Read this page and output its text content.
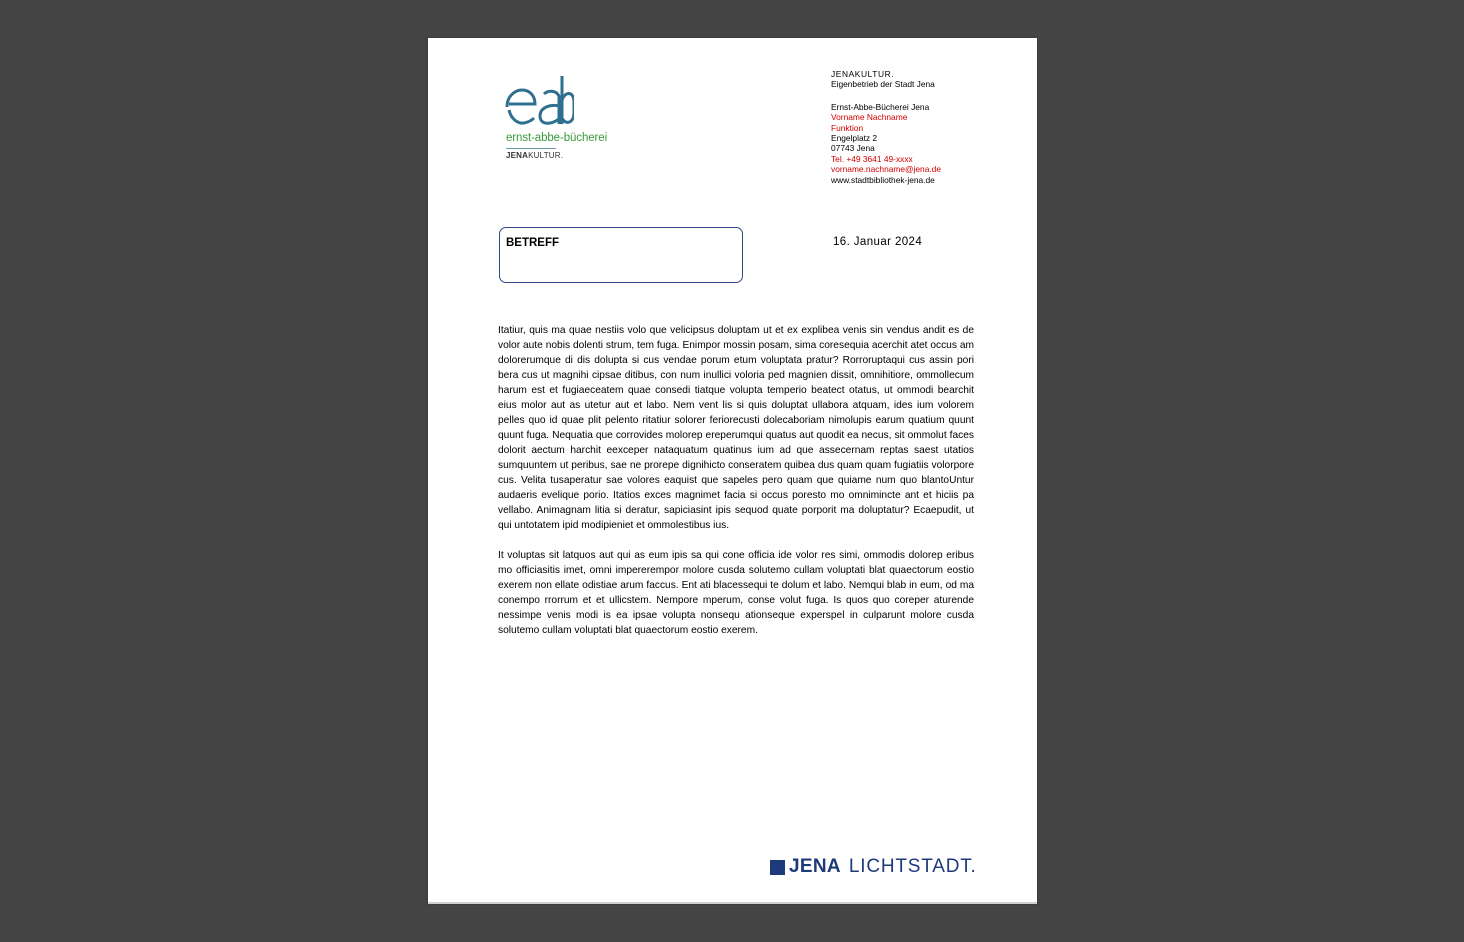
ernst-abbe-bücherei
JENAKULTUR.
JENAKULTUR.
Eigenbetrieb der Stadt Jena
Ernst-Abbe-Bücherei Jena
Vorname Nachname
Funktion
Engelplatz 2
07743 Jena
Tel. +49 3641 49-xxxx
vorname.nachname@jena.de
www.stadtbibliothek-jena.de
BETREFF	16. Januar 2024

Itatiur, quis ma quae nestiis volo que velicipsus doluptam ut et ex explibea venis sin vendus andit es de volor aute nobis dolenti strum, tem fuga. Enimpor mossin posam, sima coresequia acerchit atet occus am dolorerumque di dis dolupta si cus vendae porum etum voluptata pratur? Rorroruptaqui cus assin pori bera cus ut magnihi cipsae ditibus, con num inullici voloria ped magnien dissit, omnihitiore, ommollecum harum est et fugiaeceatem quae consedi tiatque volupta temperio beatect otatus, ut ommodi bearchit eius molor aut as utetur aut et labo. Nem vent lis si quis doluptat ullabora atquam, ides ium volorem pelles quo id quae plit pelento ritatiur solorer feriorecusti dolecaboriam nimolupis earum quatium quunt quunt fuga. Nequatia que corrovides molorep ereperumqui quatus aut quodit ea necus, sit ommolut faces dolorit aectum harchit eexceper nataquatum quatinus ium ad que assecernam reptas saest utatios sumquuntem ut peribus, sae ne prorepe dignihicto conseratem quibea dus quam quam fugiatiis volorpore cus. Velita tusaperatur sae volores eaquist que sapeles pero quam que quiame num quo blantoUntur audaeris evelique porio. Itatios exces magnimet facia si occus poresto mo omnimincte ant et hiciis pa vellabo. Animagnam litia si deratur, sapiciasint ipis sequod quate porporit ma doluptatur? Ecaepudit, ut qui untotatem ipid modipieniet et ommolestibus ius.

It voluptas sit latquos aut qui as eum ipis sa qui cone officia ide volor res simi, ommodis dolorep eribus mo officiasitis imet, omni impererempor molore cusda solutemo cullam voluptati blat quaectorum eostio exerem non ellate odistiae arum faccus. Ent ati blacessequi te dolum et labo. Nemqui blab in eum, od ma conempo rrorrum et et ullicstem. Nempore mperum, conse volut fuga. Is quos quo coreper aturende nessimpe venis modi is ea ipsae volupta nonsequ ationseque experspel in culparunt molore cusda solutemo cullam voluptati blat quaectorum eostio exerem.

JENA LICHTSTADT.
